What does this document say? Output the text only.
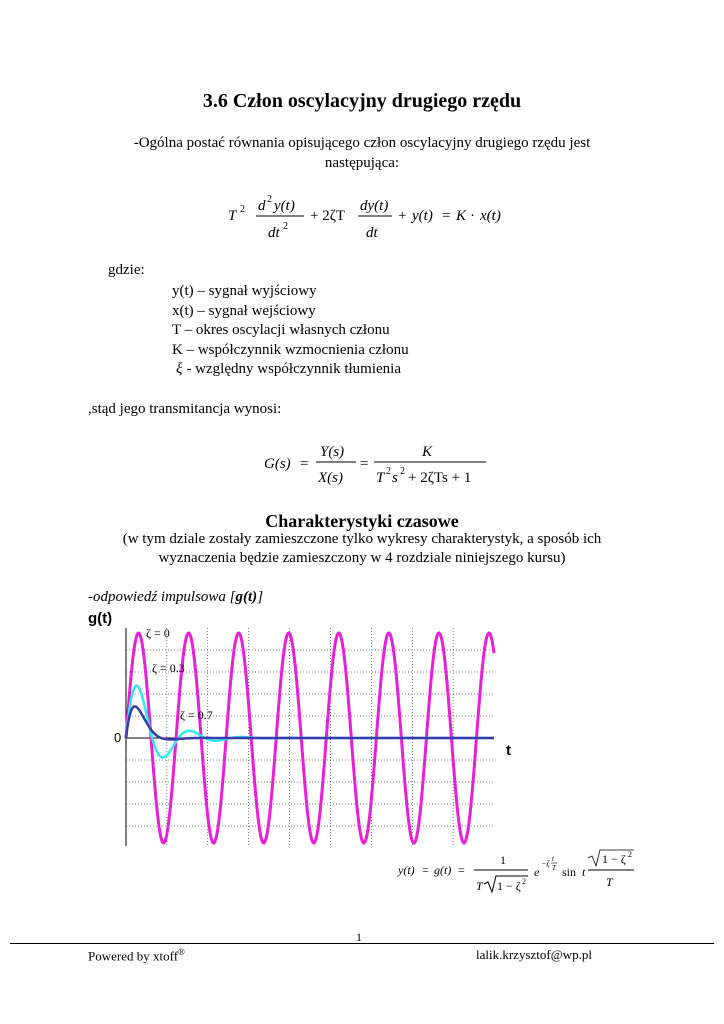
3.6 Człon oscylacyjny drugiego rzędu
-Ogólna postać równania opisującego człon oscylacyjny drugiego rzędu jest
następująca:
T 2 d 2 y(t)
dt 2
+ 2ζT
dy(t)
dt
+ y(t) = K · x(t)
gdzie:
y(t) – sygnał wyjściowy
x(t) – sygnał wejściowy
T – okres oscylacji własnych członu
K – współczynnik wzmocnienia członu
ξ - względny współczynnik tłumienia
,stąd jego transmitancja wynosi:
G(s) =
Y(s)
X(s)
=
K
T 2 s 2 + 2ζTs + 1
Charakterystyki czasowe
(w tym dziale zostały zamieszczone tylko wykresy charakterystyk, a sposób ich
wyznaczenia będzie zamieszczony w 4 rozdziale niniejszego kursu)
-odpowiedź impulsowa [g(t)]
g(t)
t
0
ζ = 0
ζ = 0.3
ζ = 0.7
y(t) = g(t) =
1
T 1 − ζ 2
e
−ζ t
T sin t
1 − ζ 2
T
1
Powered by xtoff®	lalik.krzysztof@wp.pl
